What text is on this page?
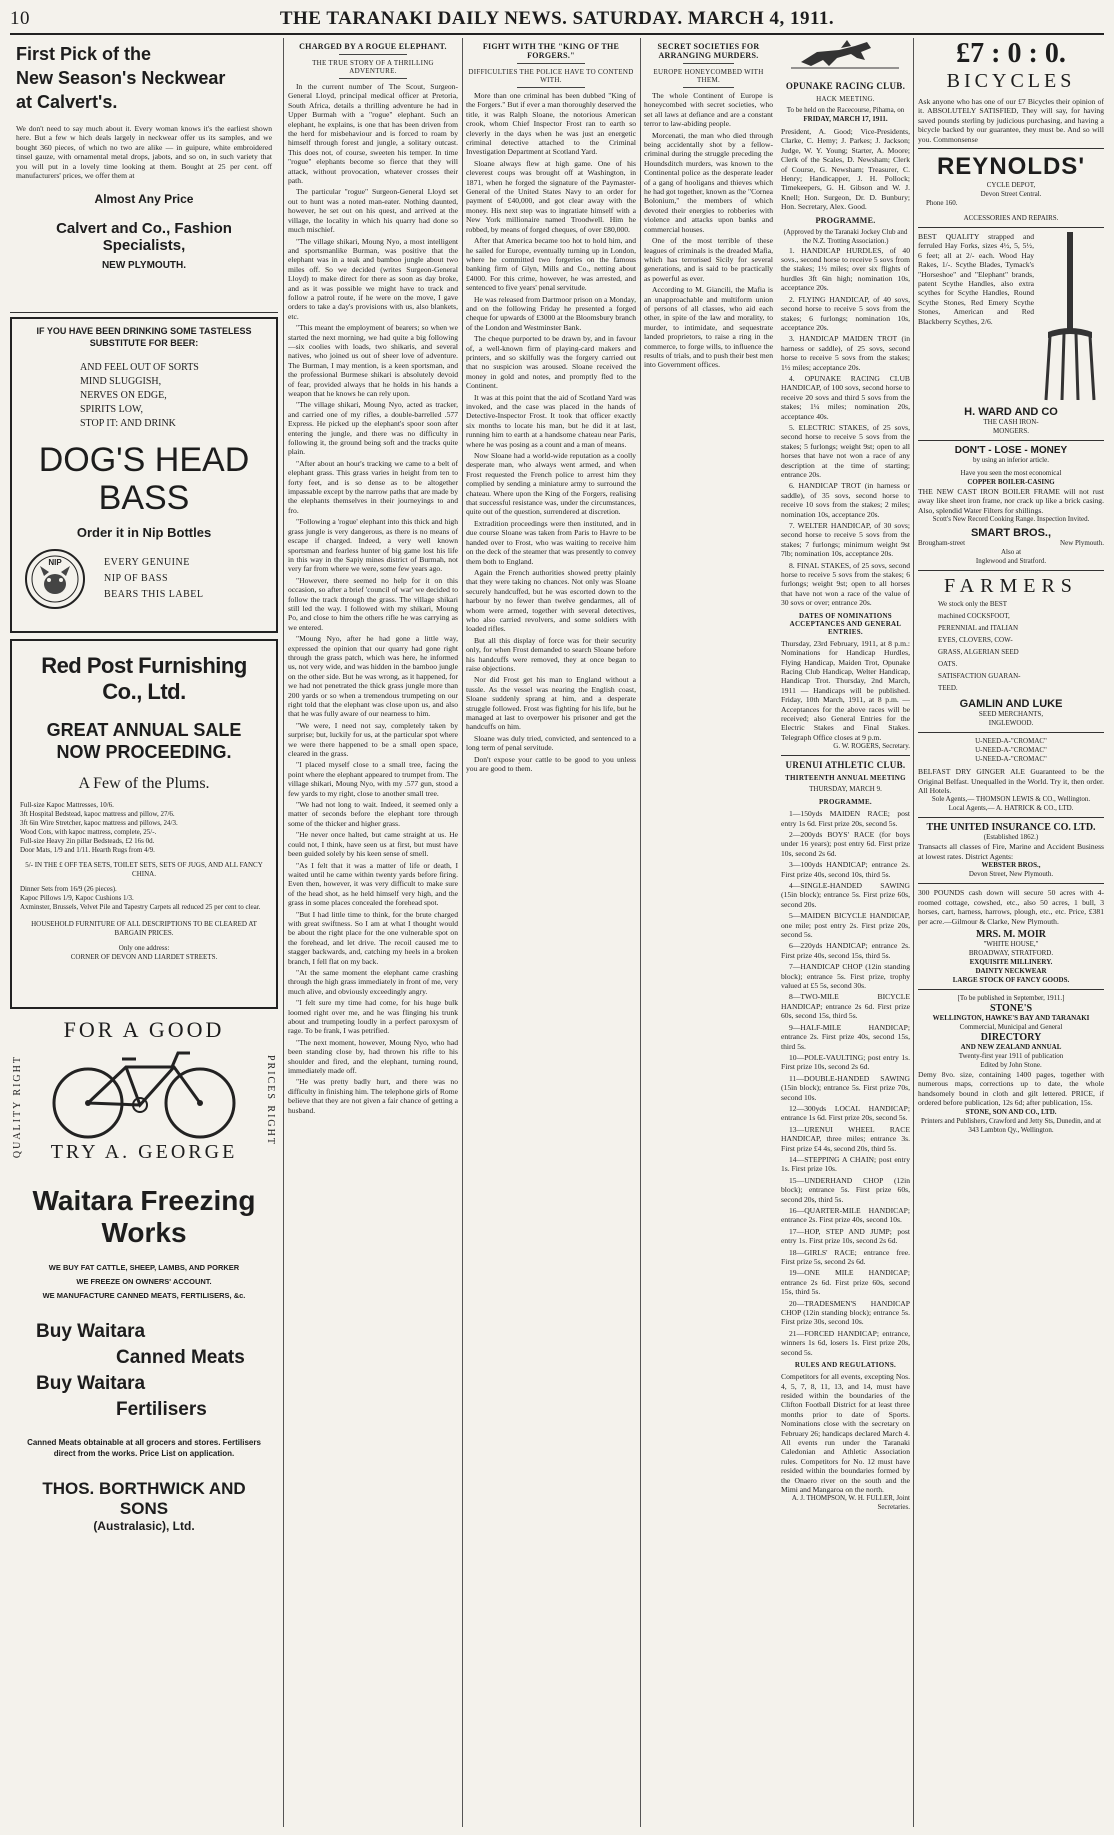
10	THE TARANAKI DAILY NEWS. SATURDAY. MARCH 4, 1911.
First Pick of the
New Season's Neckwear
at Calvert's.
We don't need to say much about it. Every woman knows it's the earliest shown here. But a few w hich deals largely in neckwear offer us its samples, and we bought 360 pieces, of which no two are alike — in guipure, white embroidered tinsel gauze, with ornamental metal drops, jabots, and so on, in such variety that you will put in a lovely time looking at them. Bought at 25 per cent. off manufacturers' prices, we offer them at
Almost Any Price
Calvert and Co., Fashion Specialists,
NEW PLYMOUTH.
IF YOU HAVE BEEN DRINKING SOME TASTELESS SUBSTITUTE FOR BEER:
AND FEEL OUT OF SORTS
MIND SLUGGISH,
NERVES ON EDGE,
SPIRITS LOW,
STOP IT: AND DRINK
DOG'S HEAD
BASS
Order it in Nip Bottles
NIP	EVERY GENUINE
NIP OF BASS
BEARS THIS LABEL
Red Post Furnishing Co., Ltd.
GREAT ANNUAL SALE
NOW PROCEEDING.
A Few of the Plums.
Full-size Kapoc Mattresses, 10/6.
3ft Hospital Bedstead, kapoc mattress and pillow, 27/6.
3ft 6in Wire Stretcher, kapoc mattress and pillows, 24/3.
Wood Cots, with kapoc mattress, complete, 25/-.
Full-size Heavy 2in pillar Bedsteads, £2 16s 0d.
Door Mats, 1/9 and 1/11. Hearth Rugs from 4/9.
5/- IN THE £ OFF TEA SETS, TOILET SETS, SETS OF JUGS, AND ALL FANCY CHINA.
Dinner Sets from 16/9 (26 pieces).
Kapoc Pillows 1/9, Kapoc Cushions 1/3.
Axminster, Brussels, Velvet Pile and Tapestry Carpets all reduced 25 per cent to clear.
HOUSEHOLD FURNITURE OF ALL DESCRIPTIONS TO BE CLEARED AT BARGAIN PRICES.
Only one address:
CORNER OF DEVON AND LIARDET STREETS.
FOR A GOOD
QUALITY RIGHT	PRICES RIGHT
TRY A. GEORGE
Waitara Freezing
Works
WE BUY FAT CATTLE, SHEEP, LAMBS, AND PORKER
WE FREEZE ON OWNERS' ACCOUNT.
WE MANUFACTURE CANNED MEATS, FERTILISERS, &c.
Buy Waitara
Canned Meats
Buy Waitara
Fertilisers
Canned Meats obtainable at all grocers and stores. Fertilisers direct from the works. Price List on application.
THOS. BORTHWICK AND SONS
(Australasic), Ltd.
CHARGED BY A ROGUE ELEPHANT.
THE TRUE STORY OF A THRILLING ADVENTURE.
In the current number of The Scout, Surgeon-General Lloyd, principal medical officer at Pretoria, South Africa, details a thrilling adventure he had in Upper Burmah with a "rogue" elephant. Such an elephant, he explains, is one that has been driven from the herd for misbehaviour and is forced to roam by himself through forest and jungle, a solitary outcast. This does not, of course, sweeten his temper. In time "rogue" elephants become so fierce that they will attack, without provocation, whatever crosses their path.
The particular "rogue" Surgeon-General Lloyd set out to hunt was a noted man-eater. Nothing daunted, however, he set out on his quest, and arrived at the village, the locality in which his quarry had done so much mischief.
"The village shikari, Moung Nyo, a most intelligent and sportsmanlike Burman, was positive that the elephant was in a teak and bamboo jungle about two miles off. So we decided (writes Surgeon-General Lloyd) to make direct for there as soon as day broke, and as it was possible we might have to track and follow a patrol route, if he were on the move, I gave orders to take a day's provisions with us, also blankets, etc.
"This meant the employment of bearers; so when we started the next morning, we had quite a big following—six coolies with loads, two shikaris, and several natives, who joined us out of sheer love of adventure. The Burman, I may mention, is a keen sportsman, and the professional Burmese shikari is absolutely devoid of fear, provided always that he holds in his hands a weapon that he knows he can rely upon.
"The village shikari, Moung Nyo, acted as tracker, and carried one of my rifles, a double-barrelled .577 Express. He picked up the elephant's spoor soon after entering the jungle, and there was no difficulty in following it, the ground being soft and the tracks quite plain.
"After about an hour's tracking we came to a belt of elephant grass. This grass varies in height from ten to forty feet, and is so dense as to be altogether impassable except by the narrow paths that are made by the elephants themselves in their journeyings to and fro.
"Following a 'rogue' elephant into this thick and high grass jungle is very dangerous, as there is no means of escape if charged. Indeed, a very well known sportsman and fearless hunter of big game lost his life in this way in the Sapiy mines district of Burmah, not very far from where we were, some few years ago.
"However, there seemed no help for it on this occasion, so after a brief 'council of war' we decided to follow the track through the grass. The village shikari still led the way. I followed with my shikari, Moung Po, and close to him the others rifle he was carrying as we entered.
"Moung Nyo, after he had gone a little way, expressed the opinion that our quarry had gone right through the grass patch, which was here, he informed us, not very wide, and was hidden in the bamboo jungle on the other side. But he was wrong, as it happened, for we had not penetrated the thick grass jungle more than 200 yards or so when a tremendous trumpeting on our right told that the elephant was close upon us, and also that he was fully aware of our nearness to him.
"We were, I need not say, completely taken by surprise; but, luckily for us, at the particular spot where we were there happened to be a small open space, cleared in the grass.
"I placed myself close to a small tree, facing the point where the elephant appeared to trumpet from. The village shikari, Moung Nyo, with my .577 gun, stood a few yards to my right, close to another small tree.
"We had not long to wait. Indeed, it seemed only a matter of seconds before the elephant tore through some of the thicker and higher grass.
"He never once halted, but came straight at us. He could not, I think, have seen us at first, but must have been guided solely by his keen sense of smell.
"As I felt that it was a matter of life or death, I waited until he came within twenty yards before firing. Even then, however, it was very difficult to make sure of the head shot, as he held himself very high, and the grass in some places concealed the forehead spot.
"But I had little time to think, for the brute charged with great swiftness. So I am at what I thought would be about the right place for the one vulnerable spot on the forehead, and let drive. The recoil caused me to stagger backwards, and, catching my heels in a broken branch, I fell flat on my back.
"At the same moment the elephant came crashing through the high grass immediately in front of me, very much alive, and obviously exceedingly angry.
"I felt sure my time had come, for his huge bulk loomed right over me, and he was flinging his trunk about and trumpeting loudly in a perfect paroxysm of rage. To be frank, I was petrified.
"The next moment, however, Moung Nyo, who had been standing close by, had thrown his rifle to his shoulder and fired, and the elephant, turning round, immediately made off.
"He was pretty badly hurt, and there was no difficulty in finishing him. The telephone girls of Rome believe that they are not given a fair chance of getting a husband.
FIGHT WITH THE "KING OF THE FORGERS."
DIFFICULTIES THE POLICE HAVE TO CONTEND WITH.
More than one criminal has been dubbed "King of the Forgers." But if ever a man thoroughly deserved the title, it was Ralph Sloane, the notorious American crook, whom Chief Inspector Frost ran to earth so cleverly in the days when he was just an energetic criminal detective attached to the Criminal Investigation Department at Scotland Yard.
Sloane always flew at high game. One of his cleverest coups was brought off at Washington, in 1871, when he forged the signature of the Paymaster-General of the United States Navy to an order for payment of £40,000, and got clear away with the money. His next step was to ingratiate himself with a New York millionaire named Troodwell. Him he robbed, by means of forged cheques, of over £80,000.
After that America became too hot to hold him, and he sailed for Europe, eventually turning up in London, where he committed two forgeries on the famous banking firm of Glyn, Mills and Co., netting about £4000. For this crime, however, he was arrested, and sentenced to five years' penal servitude.
He was released from Dartmoor prison on a Monday, and on the following Friday he presented a forged cheque for upwards of £3000 at the Bloomsbury branch of the London and Westminster Bank.
The cheque purported to be drawn by, and in favour of, a well-known firm of playing-card makers and printers, and so skilfully was the forgery carried out that no suspicion was aroused. Sloane received the money in gold and notes, and promptly fled to the Continent.
It was at this point that the aid of Scotland Yard was invoked, and the case was placed in the hands of Detective-Inspector Frost. It took that officer exactly six months to locate his man, but he did it at last, running him to earth at a handsome chateau near Paris, where he was posing as a count and a man of means.
Now Sloane had a world-wide reputation as a coolly desperate man, who always went armed, and when Frost requested the French police to arrest him they complied by sending a miniature army to surround the chateau. Where upon the King of the Forgers, realising that successful resistance was, under the circumstances, quite out of the question, surrendered at discretion.
Extradition proceedings were then instituted, and in due course Sloane was taken from Paris to Havre to be handed over to Frost, who was waiting to receive him on the deck of the steamer that was presently to convey them both to England.
Again the French authorities showed pretty plainly that they were taking no chances. Not only was Sloane securely handcuffed, but he was escorted down to the harbour by no fewer than twelve gendarmes, all of whom were armed, together with several detectives, who also carried revolvers, and some soldiers with loaded rifles.
But all this display of force was for their security only, for when Frost demanded to search Sloane before his handcuffs were removed, they at once began to raise objections.
Nor did Frost get his man to England without a tussle. As the vessel was nearing the English coast, Sloane suddenly sprang at him, and a desperate struggle followed. Frost was fighting for his life, but he managed at last to overpower his prisoner and get the handcuffs on him.
Sloane was duly tried, convicted, and sentenced to a long term of penal servitude.
Don't expose your cattle to be good to you unless you are good to them.
SECRET SOCIETIES FOR ARRANGING MURDERS.
EUROPE HONEYCOMBED WITH THEM.
The whole Continent of Europe is honeycombed with secret societies, who set all laws at defiance and are a constant terror to law-abiding people.
Morcenati, the man who died through being accidentally shot by a fellow-criminal during the struggle preceding the Houndsditch murders, was known to the Continental police as the desperate leader of a gang of hooligans and thieves which he had got together, known as the "Cornea Bolonium," the members of which devoted their energies to robberies with violence and attacks upon banks and commercial houses.
One of the most terrible of these leagues of criminals is the dreaded Mafia, which has terrorised Sicily for several generations, and is said to be practically as powerful as ever.
According to M. Giancili, the Mafia is an unapproachable and multiform union of persons of all classes, who aid each other, in spite of the law and morality, to murder, to intimidate, and sequestrate landed proprietors, to raise a ring in the commerce, to forge wills, to influence the results of trials, and to push their best men into Government offices.
OPUNAKE RACING CLUB.
HACK MEETING.
To be held on the Racecourse, Pihama, on
FRIDAY, MARCH 17, 1911.
President, A. Good; Vice-Presidents, Clarke, C. Hemy; J. Parkes; J. Jackson; Judge, W. Y. Young; Starter, A. Moore; Clerk of the Scales, D. Newsham; Clerk of Course, G. Newsham; Treasurer, C. Henry; Handicapper, J. H. Pollock; Timekeepers, G. H. Gibson and W. J. Knell; Hon. Surgeon, Dr. D. Bunbury; Hon. Secretary, Alex. Good.
PROGRAMME.
(Approved by the Taranaki Jockey Club and the N.Z. Trotting Association.)
1. HANDICAP HURDLES, of 40 sovs., second horse to receive 5 sovs from the stakes; 1½ miles; over six flights of hurdles 3ft 6in high; nomination 10s, acceptance 20s.
2. FLYING HANDICAP, of 40 sovs, second horse to receive 5 sovs from the stakes; 6 furlongs; nomination 10s, acceptance 20s.
3. HANDICAP MAIDEN TROT (in harness or saddle), of 25 sovs, second horse to receive 5 sovs from the stakes; 1½ miles; acceptance 20s.
4. OPUNAKE RACING CLUB HANDICAP, of 100 sovs, second horse to receive 20 sovs and third 5 sovs from the stakes; 1¼ miles; nomination 20s, acceptance 40s.
5. ELECTRIC STAKES, of 25 sovs, second horse to receive 5 sovs from the stakes; 5 furlongs; weight 9st; open to all horses that have not won a race of any description at the time of starting; entrance 20s.
6. HANDICAP TROT (in harness or saddle), of 35 sovs, second horse to receive 10 sovs from the stakes; 2 miles; nomination 10s, acceptance 20s.
7. WELTER HANDICAP, of 30 sovs; second horse to receive 5 sovs from the stakes; 7 furlongs; minimum weight 9st 7lb; nomination 10s, acceptance 20s.
8. FINAL STAKES, of 25 sovs, second horse to receive 5 sovs from the stakes; 6 furlongs; weight 9st; open to all horses that have not won a race of the value of 30 sovs or over; entrance 20s.
DATES OF NOMINATIONS ACCEPTANCES AND GENERAL ENTRIES.
Thursday, 23rd February, 1911, at 8 p.m.: Nominations for Handicap Hurdles, Flying Handicap, Maiden Trot, Opunake Racing Club Handicap, Welter Handicap, Handicap Trot. Thursday, 2nd March, 1911 — Handicaps will be published. Friday, 10th March, 1911, at 8 p.m. — Acceptances for the above races will be received; also General Entries for the Electric Stakes and Final Stakes. Telegraph Office closes at 9 p.m.
G. W. ROGERS, Secretary.
URENUI ATHLETIC CLUB.
THIRTEENTH ANNUAL MEETING
THURSDAY, MARCH 9.
PROGRAMME.
1—150yds MAIDEN RACE; post entry 1s 6d. First prize 20s, second 5s.
2—200yds BOYS' RACE (for boys under 16 years); post entry 6d. First prize 10s, second 2s 6d.
3—100yds HANDICAP; entrance 2s. First prize 40s, second 10s, third 5s.
4—SINGLE-HANDED SAWING (15in block); entrance 5s. First prize 60s, second 20s.
5—MAIDEN BICYCLE HANDICAP, one mile; post entry 2s. First prize 20s, second 5s.
6—220yds HANDICAP; entrance 2s. First prize 40s, second 15s, third 5s.
7—HANDICAP CHOP (12in standing block); entrance 5s. First prize, trophy valued at £5 5s, second 30s.
8—TWO-MILE BICYCLE HANDICAP; entrance 2s 6d. First prize 60s, second 15s, third 5s.
9—HALF-MILE HANDICAP; entrance 2s. First prize 40s, second 15s, third 5s.
10—POLE-VAULTING; post entry 1s. First prize 10s, second 2s 6d.
11—DOUBLE-HANDED SAWING (15in block); entrance 5s. First prize 70s, second 10s.
12—300yds LOCAL HANDICAP; entrance 1s 6d. First prize 20s, second 5s.
13—URENUI WHEEL RACE HANDICAP, three miles; entrance 3s. First prize £4 4s, second 20s, third 5s.
14—STEPPING A CHAIN; post entry 1s. First prize 10s.
15—UNDERHAND CHOP (12in block); entrance 5s. First prize 60s, second 20s, third 5s.
16—QUARTER-MILE HANDICAP; entrance 2s. First prize 40s, second 10s.
17—HOP, STEP AND JUMP; post entry 1s. First prize 10s, second 2s 6d.
18—GIRLS' RACE; entrance free. First prize 5s, second 2s 6d.
19—ONE MILE HANDICAP; entrance 2s 6d. First prize 60s, second 15s, third 5s.
20—TRADESMEN'S HANDICAP CHOP (12in standing block); entrance 5s. First prize 30s, second 10s.
21—FORCED HANDICAP; entrance, winners 1s 6d, losers 1s. First prize 20s, second 5s.
RULES AND REGULATIONS.
Competitors for all events, excepting Nos. 4, 5, 7, 8, 11, 13, and 14, must have resided within the boundaries of the Clifton Football District for at least three months prior to date of Sports. Nominations close with the secretary on February 26; handicaps declared March 4. All events run under the Taranaki Caledonian and Athletic Association rules. Competitors for No. 12 must have resided within the boundaries formed by the Onaero river on the south and the Mimi and Mangaroa on the north.
A. J. THOMPSON, W. H. FULLER, Joint Secretaries.
£7 : 0 : 0.
BICYCLES
Ask anyone who has one of our £7 Bicycles their opinion of it. ABSOLUTELY SATISFIED, They will say, for having saved pounds sterling by judicious purchasing, and having a bicycle backed by our guarantee, they must be. And so will you. Commonsense
REYNOLDS'
CYCLE DEPOT,
Devon Street Central.
Phone 160.
ACCESSORIES AND REPAIRS.
BEST QUALITY strapped and ferruled Hay Forks, sizes 4½, 5, 5½, 6 feet; all at 2/- each. Wood Hay Rakes, 1/-. Scythe Blades, Tymack's "Horseshoe" and "Elephant" brands, patent Scythe Handles, also extra scythes for Scythe Handles, Round Scythe Stones, Red Emery Scythe Stones, American and Red Blackberry Scythes, 2/6.
H. WARD AND CO
THE CASH IRON-
MONGERS.
DON'T - LOSE - MONEY
by using an inferior article.
Have you seen the most economical
COPPER BOILER-CASING
THE NEW CAST IRON BOILER FRAME will not rust away like sheet iron frame, nor crack up like a brick casing. Also, splendid Water Filters for shillings.
Scott's New Record Cooking Range. Inspection Invited.
SMART BROS.,
Brougham-street	New Plymouth.
Also at
Inglewood and Stratford.
FARMERS
We stock only the BEST
machined COCKSFOOT,
PERENNIAL and ITALIAN
EYES, CLOVERS, COW-
GRASS, ALGERIAN SEED
OATS.
SATISFACTION GUARAN-
TEED.
GAMLIN AND LUKE
SEED MERCHANTS,
INGLEWOOD.
U-NEED-A-"CROMAC"
U-NEED-A-"CROMAC"
U-NEED-A-"CROMAC"
BELFAST DRY GINGER ALE Guaranteed to be the Original Belfast. Unequalled in the World. Try it, then order. All Hotels.
Sole Agents,— THOMSON LEWIS & CO., Wellington.
Local Agents,— A. HATRICK & CO., LTD.
THE UNITED INSURANCE CO. LTD.
(Established 1862.)
Transacts all classes of Fire, Marine and Accident Business at lowest rates. District Agents:
WEBSTER BROS.,
Devon Street, New Plymouth.
300 POUNDS cash down will secure 50 acres with 4-roomed cottage, cowshed, etc., also 50 acres, 1 bull, 3 horses, cart, harness, harrows, plough, etc., etc. Price, £381 per acre.—Gilmour & Clarke, New Plymouth.
MRS. M. MOIR
"WHITE HOUSE,"
BROADWAY, STRATFORD.
EXQUISITE MILLINERY.
DAINTY NECKWEAR
LARGE STOCK OF FANCY GOODS.
[To be published in September, 1911.]
STONE'S
WELLINGTON, HAWKE'S BAY AND TARANAKI
Commercial, Municipal and General
DIRECTORY
AND NEW ZEALAND ANNUAL
Twenty-first year 1911 of publication
Edited by John Stone.
Demy 8vo. size, containing 1400 pages, together with numerous maps, corrections up to date, the whole handsomely bound in cloth and gilt lettered. PRICE, if ordered before publication, 12s 6d; after publication, 15s.
STONE, SON AND CO., LTD.
Printers and Publishers, Crawford and Jetty Sts, Dunedin, and at 343 Lambton Qy., Wellington.
